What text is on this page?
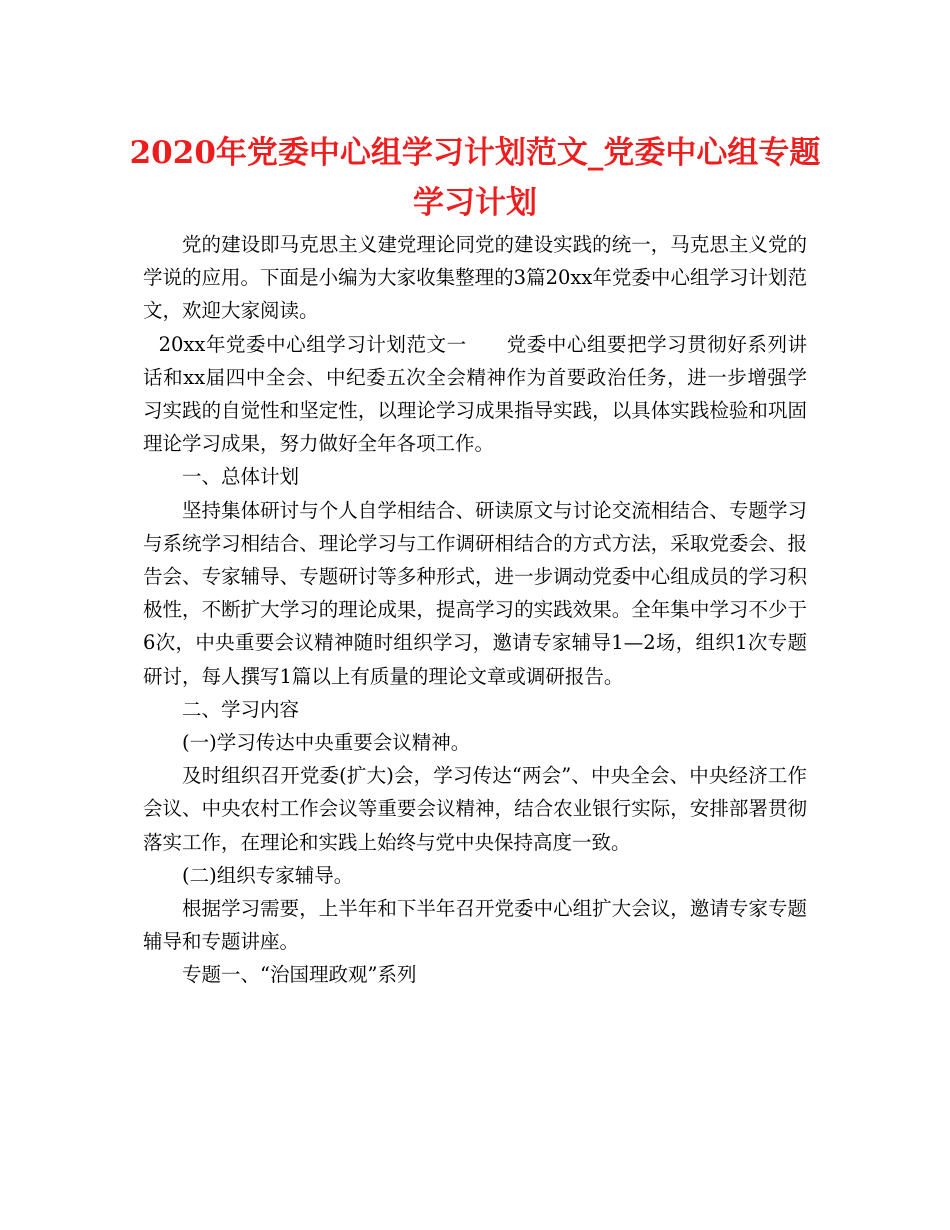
2020年党委中心组学习计划范文_党委中心组专题学习计划

党的建设即马克思主义建党理论同党的建设实践的统一，马克思主义党的学说的应用。下面是小编为大家收集整理的3篇20xx年党委中心组学习计划范文，欢迎大家阅读。

20xx年党委中心组学习计划范文一　　党委中心组要把学习贯彻好系列讲话和xx届四中全会、中纪委五次全会精神作为首要政治任务，进一步增强学习实践的自觉性和坚定性，以理论学习成果指导实践，以具体实践检验和巩固理论学习成果，努力做好全年各项工作。

一、总体计划

坚持集体研讨与个人自学相结合、研读原文与讨论交流相结合、专题学习与系统学习相结合、理论学习与工作调研相结合的方式方法，采取党委会、报告会、专家辅导、专题研讨等多种形式，进一步调动党委中心组成员的学习积极性，不断扩大学习的理论成果，提高学习的实践效果。全年集中学习不少于6次，中央重要会议精神随时组织学习，邀请专家辅导1—2场，组织1次专题研讨，每人撰写1篇以上有质量的理论文章或调研报告。

二、学习内容

(一)学习传达中央重要会议精神。

及时组织召开党委(扩大)会，学习传达“两会”、中央全会、中央经济工作会议、中央农村工作会议等重要会议精神，结合农业银行实际，安排部署贯彻落实工作，在理论和实践上始终与党中央保持高度一致。

(二)组织专家辅导。

根据学习需要，上半年和下半年召开党委中心组扩大会议，邀请专家专题辅导和专题讲座。

专题一、“治国理政观”系列
